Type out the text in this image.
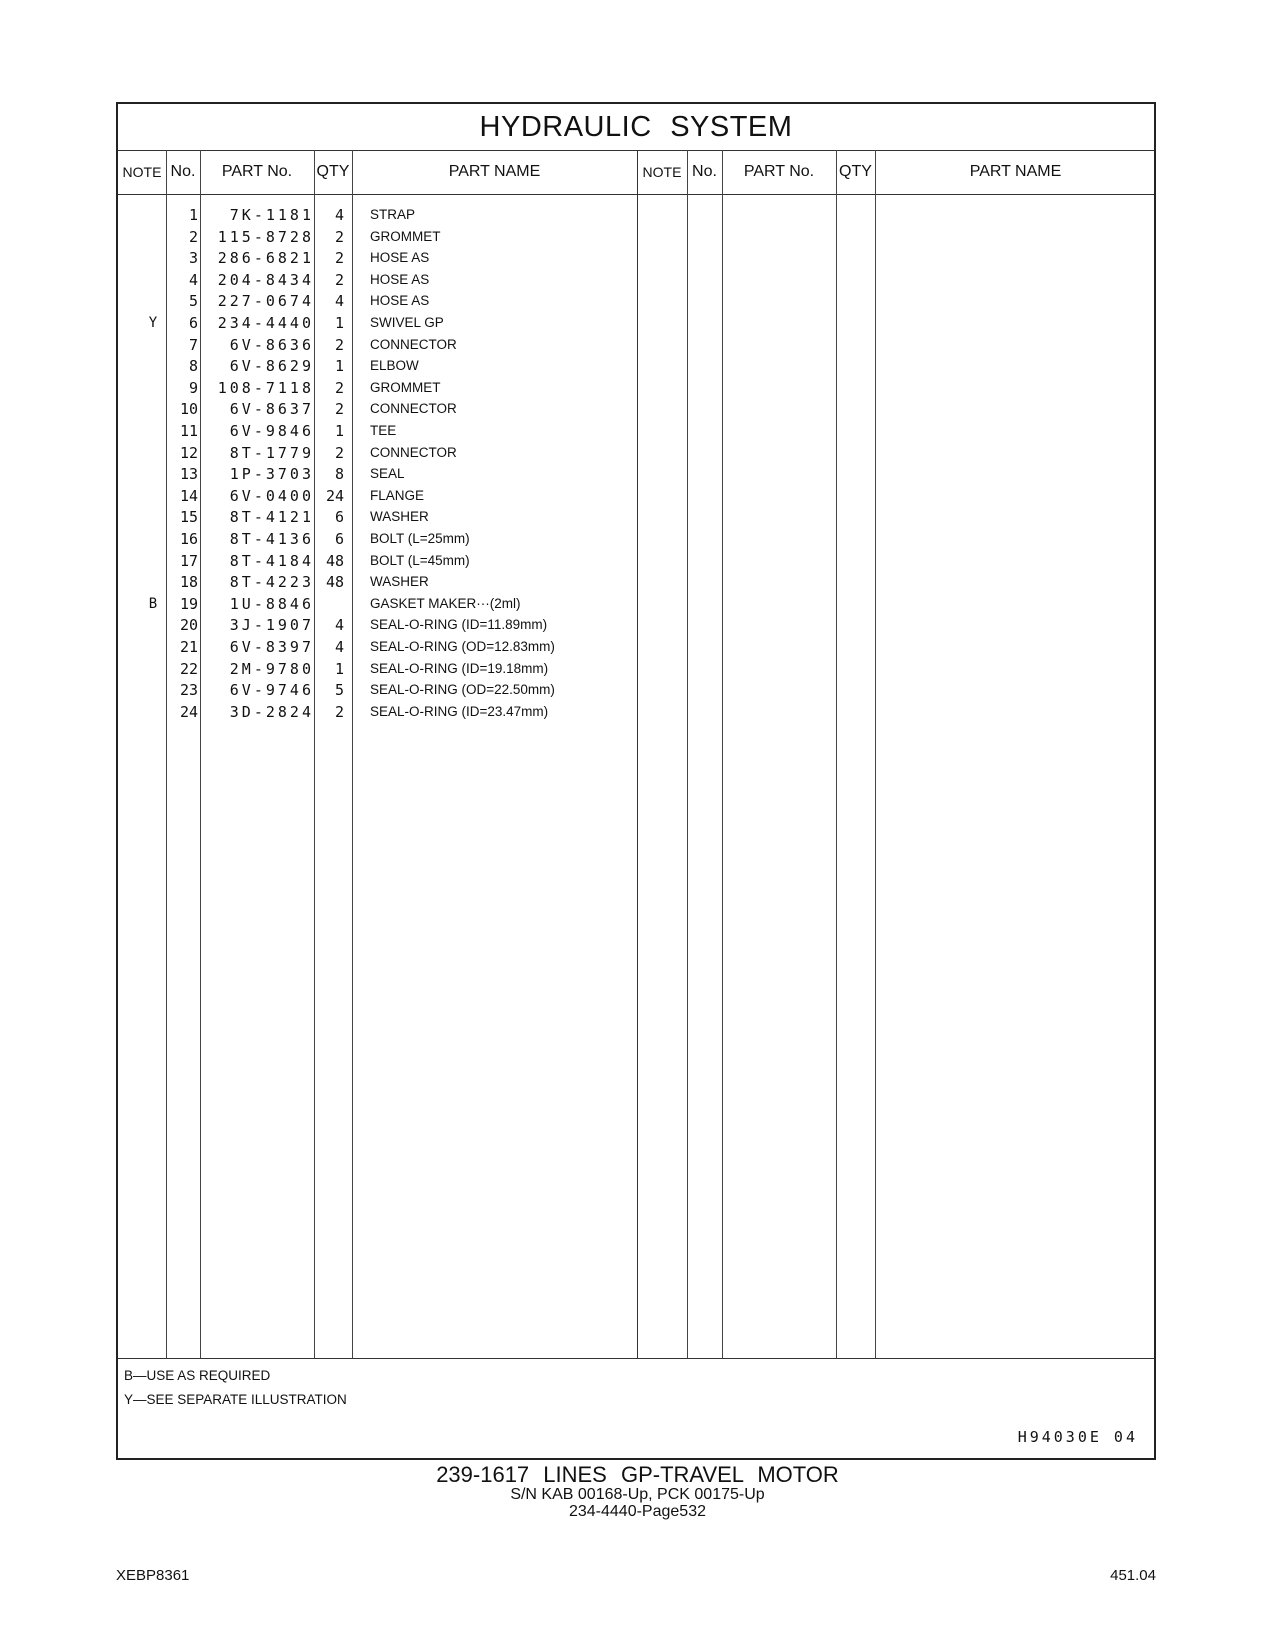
HYDRAULIC SYSTEM
NOTE No.	PART No.	QTY	PART NAME	NOTE No.	PART No.	QTY	PART NAME
1	7K-1181	4 STRAP
2	115-8728	2 GROMMET
3	286-6821	2 HOSE AS
4	204-8434	2 HOSE AS
5	227-0674	4 HOSE AS
Y	6	234-4440	1 SWIVEL GP
7	6V-8636	2 CONNECTOR
8	6V-8629	1 ELBOW
9	108-7118	2 GROMMET
10	6V-8637	2 CONNECTOR
11	6V-9846	1 TEE
12	8T-1779	2 CONNECTOR
13	1P-3703	8 SEAL
14	6V-0400 24 FLANGE
15	8T-4121	6 WASHER
16	8T-4136	6 BOLT (L=25mm)
17	8T-4184 48 BOLT (L=45mm)
18	8T-4223 48 WASHER
B	19	1U-8846	GASKET MAKER···(2ml)
20	3J-1907	4 SEAL-O-RING (ID=11.89mm)
21	6V-8397	4 SEAL-O-RING (OD=12.83mm)
22	2M-9780	1 SEAL-O-RING (ID=19.18mm)
23	6V-9746	5 SEAL-O-RING (OD=22.50mm)
24	3D-2824	2 SEAL-O-RING (ID=23.47mm)
B—USE AS REQUIRED
Y—SEE SEPARATE ILLUSTRATION
H94030E 04
239-1617 LINES GP-TRAVEL MOTOR
S/N KAB 00168-Up, PCK 00175-Up
234-4440-Page532
XEBP8361	451.04
